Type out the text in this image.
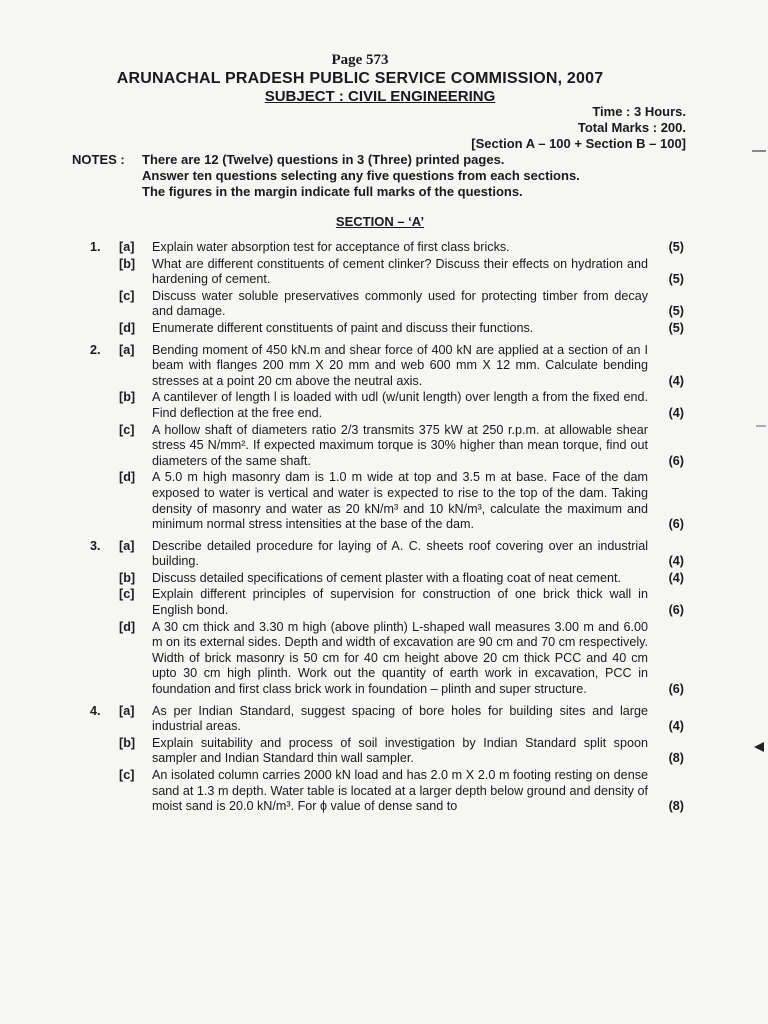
Page 573
ARUNACHAL PRADESH PUBLIC SERVICE COMMISSION, 2007
SUBJECT : CIVIL ENGINEERING
Time : 3 Hours.
Total Marks : 200.
[Section A – 100 + Section B – 100]
NOTES : There are 12 (Twelve) questions in 3 (Three) printed pages.
Answer ten questions selecting any five questions from each sections.
The figures in the margin indicate full marks of the questions.
SECTION – ‘A’
1. [a] Explain water absorption test for acceptance of first class bricks.	(5)
[b] What are different constituents of cement clinker? Discuss their effects on hydration and hardening of cement.	(5)
[c] Discuss water soluble preservatives commonly used for protecting timber from decay and damage.	(5)
[d] Enumerate different constituents of paint and discuss their functions.	(5)
2. [a] Bending moment of 450 kN.m and shear force of 400 kN are applied at a section of an I beam with flanges 200 mm X 20 mm and web 600 mm X 12 mm. Calculate bending stresses at a point 20 cm above the neutral axis.	(4)
[b] A cantilever of length l is loaded with udl (w/unit length) over length a from the fixed end. Find deflection at the free end.	(4)
[c] A hollow shaft of diameters ratio 2/3 transmits 375 kW at 250 r.p.m. at allowable shear stress 45 N/mm². If expected maximum torque is 30% higher than mean torque, find out diameters of the same shaft.	(6)
[d] A 5.0 m high masonry dam is 1.0 m wide at top and 3.5 m at base. Face of the dam exposed to water is vertical and water is expected to rise to the top of the dam. Taking density of masonry and water as 20 kN/m³ and 10 kN/m³, calculate the maximum and minimum normal stress intensities at the base of the dam.	(6)
3. [a] Describe detailed procedure for laying of A. C. sheets roof covering over an industrial building.	(4)
[b] Discuss detailed specifications of cement plaster with a floating coat of neat cement.	(4)
[c] Explain different principles of supervision for construction of one brick thick wall in English bond.	(6)
[d] A 30 cm thick and 3.30 m high (above plinth) L-shaped wall measures 3.00 m and 6.00 m on its external sides. Depth and width of excavation are 90 cm and 70 cm respectively. Width of brick masonry is 50 cm for 40 cm height above 20 cm thick PCC and 40 cm upto 30 cm high plinth. Work out the quantity of earth work in excavation, PCC in foundation and first class brick work in foundation – plinth and super structure.	(6)
4. [a] As per Indian Standard, suggest spacing of bore holes for building sites and large industrial areas.	(4)
[b] Explain suitability and process of soil investigation by Indian Standard split spoon sampler and Indian Standard thin wall sampler.	(8)
[c] An isolated column carries 2000 kN load and has 2.0 m X 2.0 m footing resting on dense sand at 1.3 m depth. Water table is located at a larger depth below ground and density of moist sand is 20.0 kN/m³. For ϕ value of dense sand to	(8)
